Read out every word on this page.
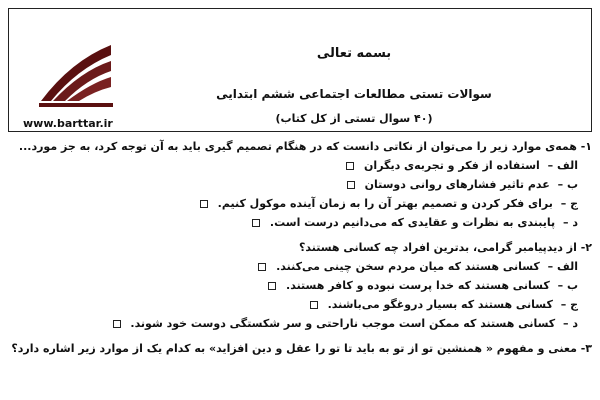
www.barttar.ir
بسمه تعالی
سوالات تستی مطالعات اجتماعی ششم ابتدایی
(۴۰ سوال تستی از کل کتاب)
۱- همه‌ی موارد زیر را می‌توان از نکاتی دانست که در هنگام تصمیم گیری باید به آن توجه کرد، به جز مورد...
الف – استفاده از فکر و تجربه‌ی دیگران
ب – عدم تاثیر فشارهای روانی دوستان
ج – برای فکر کردن و تصمیم بهتر آن را به زمان آینده موکول کنیم.
د – پایبندی به نظرات و عقایدی که می‌دانیم درست است.
۲- از دیدپیامبر گرامی، بدترین افراد چه کسانی هستند؟
الف – کسانی هستند که میان مردم سخن چینی می‌کنند.
ب – کسانی هستند که خدا پرست نبوده و کافر هستند.
ج – کسانی هستند که بسیار دروغگو می‌باشند.
د – کسانی هستند که ممکن است موجب ناراحتی و سر شکستگی دوست خود شوند.
۳- معنی و مفهوم « همنشین تو از تو به باید تا تو را عقل و دین افزاید» به کدام یک از موارد زیر اشاره دارد؟
